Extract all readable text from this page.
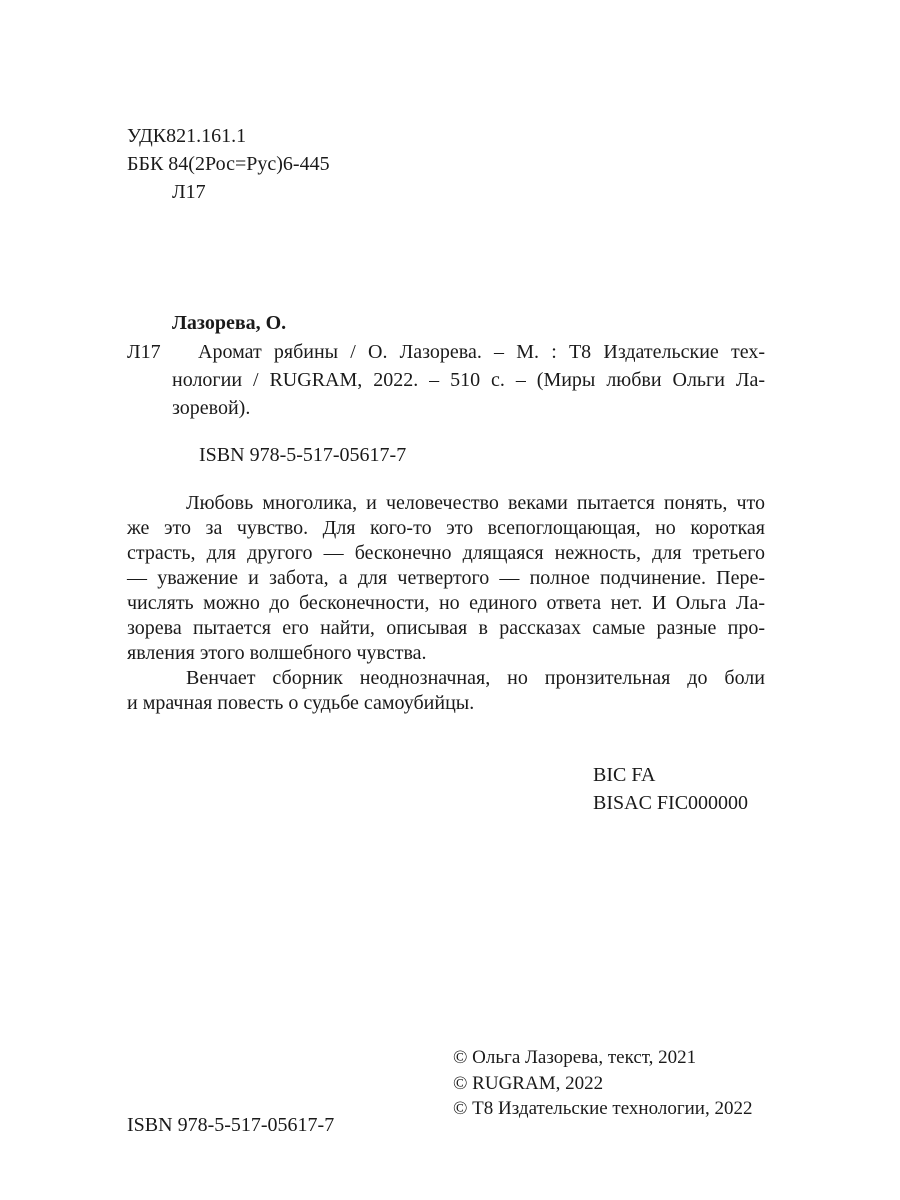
УДК821.161.1
ББК 84(2Рос=Рус)6-445
Л17
Лазорева, О.
Л17 Аромат рябины / О. Лазорева. – М. : Т8 Издательские тех-
нологии / RUGRAM, 2022. – 510 с. – (Миры любви Ольги Ла-
зоревой).
ISBN 978-5-517-05617-7
Любовь многолика, и человечество веками пытается понять, что
же это за чувство. Для кого-то это всепоглощающая, но короткая
страсть, для другого — бесконечно длящаяся нежность, для третьего
— уважение и забота, а для четвертого — полное подчинение. Пере-
числять можно до бесконечности, но единого ответа нет. И Ольга Ла-
зорева пытается его найти, описывая в рассказах самые разные про-
явления этого волшебного чувства.
Венчает сборник неоднозначная, но пронзительная до боли
и мрачная повесть о судьбе самоубийцы.
BIC FA
BISAC FIC000000
© Ольга Лазорева, текст, 2021
© RUGRAM, 2022
© Т8 Издательские технологии, 2022
ISBN 978-5-517-05617-7
